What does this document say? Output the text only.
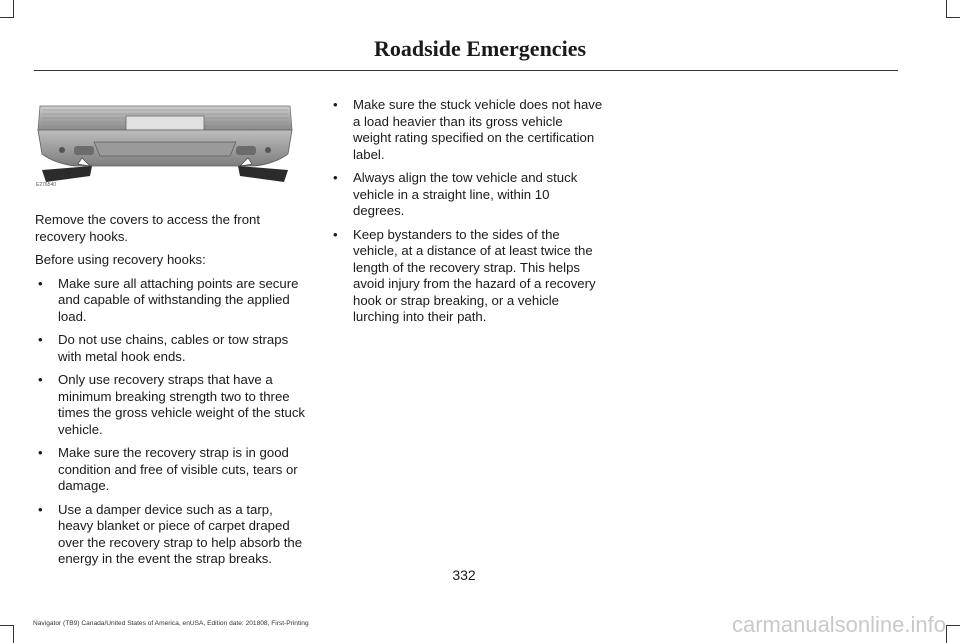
Roadside Emergencies
E276540

Remove the covers to access the front recovery hooks.

Before using recovery hooks:

• Make sure all attaching points are secure and capable of withstanding the applied load.
• Do not use chains, cables or tow straps with metal hook ends.
• Only use recovery straps that have a minimum breaking strength two to three times the gross vehicle weight of the stuck vehicle.
• Make sure the recovery strap is in good condition and free of visible cuts, tears or damage.
• Use a damper device such as a tarp, heavy blanket or piece of carpet draped over the recovery strap to help absorb the energy in the event the strap breaks.
• Make sure the stuck vehicle does not have a load heavier than its gross vehicle weight rating specified on the certification label.
• Always align the tow vehicle and stuck vehicle in a straight line, within 10 degrees.
• Keep bystanders to the sides of the vehicle, at a distance of at least twice the length of the recovery strap. This helps avoid injury from the hazard of a recovery hook or strap breaking, or a vehicle lurching into their path.
332
Navigator (TB9) Canada/United States of America, enUSA, Edition date: 201808, First-Printing	carmanualsonline.info
